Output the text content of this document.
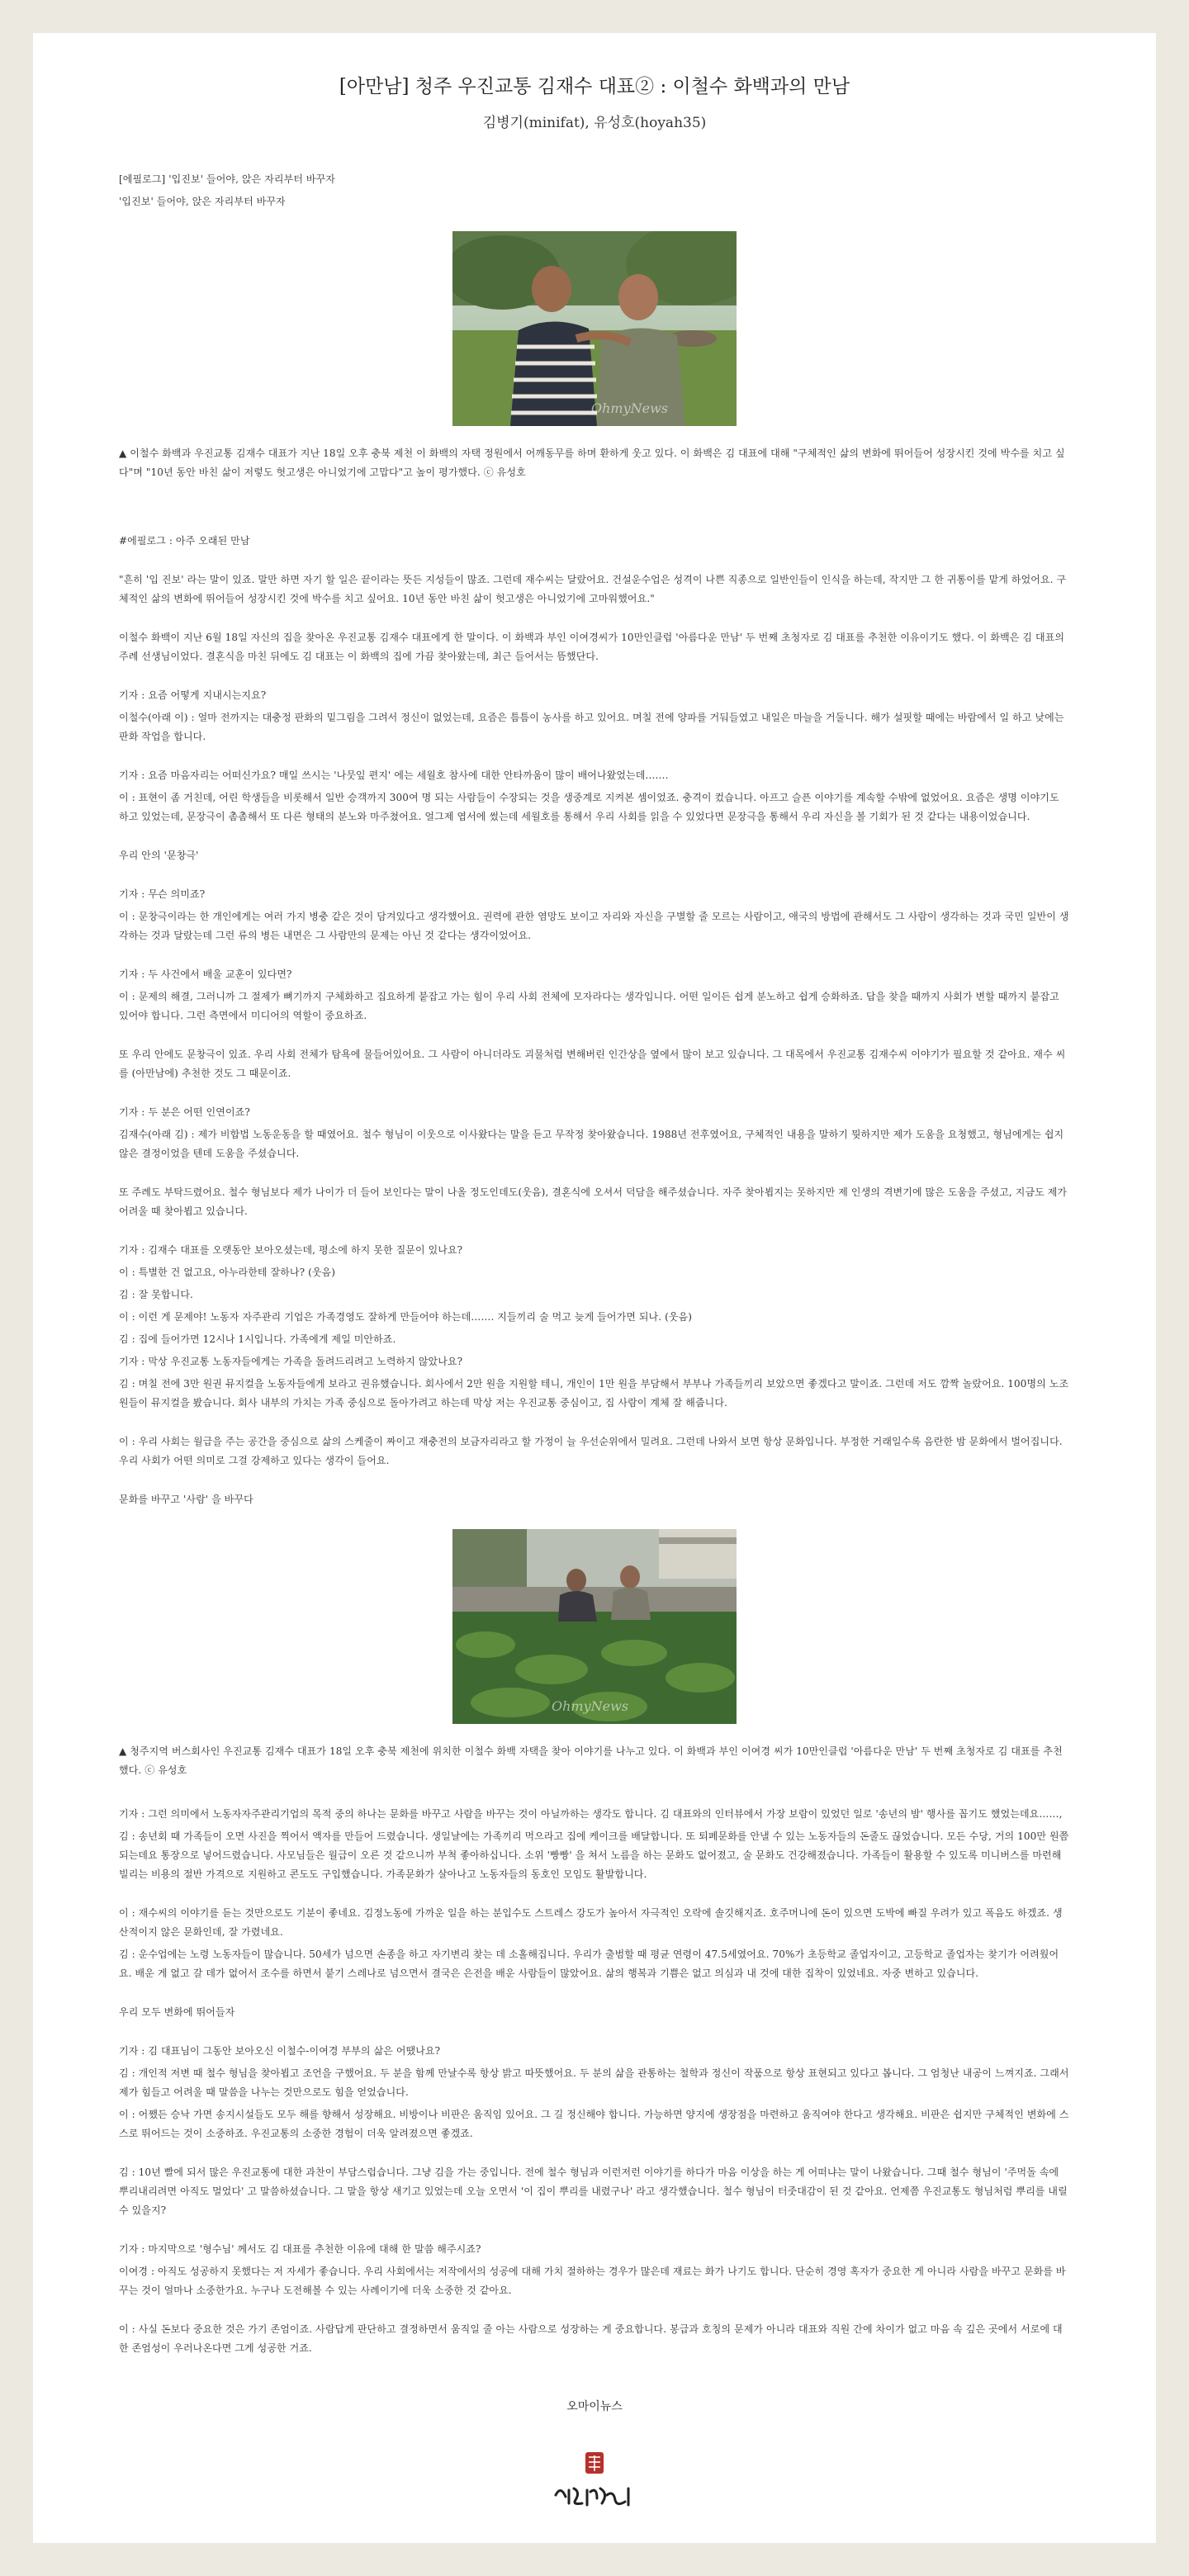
[아만남] 청주 우진교통 김재수 대표② : 이철수 화백과의 만남
김병기(minifat), 유성호(hoyah35)

[에필로그] '입진보' 들어야, 앉은 자리부터 바꾸자

'입진보' 들어야, 앉은 자리부터 바꾸자

OhmyNews

▲ 이철수 화백과 우진교통 김재수 대표가 지난 18일 오후 충북 제천 이 화백의 자택 정원에서 어깨동무를 하며 환하게 웃고 있다. 이 화백은 김 대표에 대해 "구체적인 삶의 변화에 뛰어들어 성장시킨 것에 박수를 치고 싶다"며 "10년 동안 바친 삶이 저렇도 헛고생은 아니었기에 고맙다"고 높이 평가했다. ⓒ 유성호

#에필로그 : 아주 오래된 만남

"흔히 '입 진보' 라는 말이 있죠. 말만 하면 자기 할 일은 끝이라는 뜻든 지성들이 많죠. 그런데 재수씨는 달랐어요. 건설운수업은 성격이 나쁜 직종으로 일반인들이 인식을 하는데, 작지만 그 한 귀통이를 맡게 하었어요. 구체적인 삶의 변화에 뛰어들어 성장시킨 것에 박수를 치고 싶어요. 10년 동안 바친 삶이 헛고생은 아니었기에 고마워했어요."

이철수 화백이 지난 6월 18일 자신의 집을 찾아온 우진교통 김재수 대표에게 한 말이다. 이 화백과 부인 이여경씨가 10만인클럽 '아름다운 만남' 두 번째 초청자로 김 대표를 추천한 이유이기도 했다. 이 화백은 김 대표의 주례 선생님이었다. 결혼식을 마친 뒤에도 김 대표는 이 화백의 집에 가끔 찾아왔는데, 최근 들어서는 뜸했단다.

기자 : 요즘 어떻게 지내시는지요?

이철수(아래 이) : 얼마 전까지는 대충정 판화의 밑그림을 그려서 정신이 없었는데, 요즘은 틈틈이 농사를 하고 있어요. 며칠 전에 양파를 거둬들였고 내일은 마늘을 거둘니다. 해가 설핏할 때에는 바람에서 일 하고 낮에는 판화 작업을 합니다.

기자 : 요즘 마음자리는 어떠신가요? 매일 쓰시는 '나뭇잎 편지' 에는 세월호 참사에 대한 안타까움이 많이 배어나왔었는데…….

이 : 표현이 좀 거친데, 어린 학생들을 비롯해서 일반 승객까지 300여 명 되는 사람들이 수장되는 것을 생중계로 지켜본 셈이었죠. 충격이 컸습니다. 아프고 슬픈 이야기를 계속할 수밖에 없었어요. 요즘은 생명 이야기도 하고 있었는데, 문장극이 촘촘해서 또 다른 형태의 분노와 마주쳤어요. 얼그제 엽서에 썼는데 세월호를 통해서 우리 사회를 읽을 수 있었다면 문장극을 통해서 우리 자신을 볼 기회가 된 것 같다는 내용이었습니다.

우리 안의 '문창극'

기자 : 무슨 의미죠?

이 : 문창극이라는 한 개인에게는 여러 가지 병충 같은 것이 담겨있다고 생각했어요. 권력에 관한 염망도 보이고 자리와 자신을 구별할 줄 모르는 사람이고, 애국의 방법에 관해서도 그 사람이 생각하는 것과 국민 일반이 생각하는 것과 달랐는데 그런 류의 병든 내면은 그 사람만의 문제는 아닌 것 같다는 생각이었어요.

기자 : 두 사건에서 배울 교훈이 있다면?

이 : 문제의 해결, 그러니까 그 절제가 뼈기까지 구체화하고 집요하게 붙잡고 가는 힘이 우리 사회 전체에 모자라다는 생각입니다. 어떤 일이든 쉽게 분노하고 쉽게 승화하죠. 답을 찾을 때까지 사회가 변할 때까지 붙잡고 있어야 합니다. 그런 측면에서 미디어의 역할이 중요하죠.

또 우리 안에도 문창극이 있죠. 우리 사회 전체가 탐욕에 물들어있어요. 그 사람이 아니더라도 괴물처럼 변해버린 인간상을 옆에서 많이 보고 있습니다. 그 대목에서 우진교통 김재수씨 이야기가 필요할 것 같아요. 재수 씨를 (아만남에) 추천한 것도 그 때문이죠.

기자 : 두 분은 어떤 인연이죠?

김재수(아래 김) : 제가 비합법 노동운동을 할 때였어요. 철수 형님이 이웃으로 이사왔다는 말을 듣고 무작정 찾아왔습니다. 1988년 전후였어요, 구체적인 내용을 말하기 뭣하지만 제가 도움을 요청했고, 형님에게는 쉽지 않은 결정이었을 텐데 도움을 주셨습니다.

또 주례도 부탁드렸어요. 철수 형님보다 제가 나이가 더 들어 보인다는 말이 나올 정도인데도(웃음), 결혼식에 오셔서 덕담을 해주셨습니다. 자주 찾아뵙지는 못하지만 제 인생의 격변기에 많은 도움을 주셨고, 지금도 제가 어려울 때 찾아뵙고 있습니다.

기자 : 김재수 대표를 오랫동안 보아오셨는데, 평소에 하지 못한 질문이 있나요?

이 : 특별한 건 없고요, 아누라한테 잘하나? (웃음)

김 : 잘 못합니다.

이 : 이런 게 문제야! 노동자 자주관리 기업은 가족경영도 잘하게 만들어야 하는데……. 지들끼리 술 먹고 늦게 들어가면 되나. (웃음)

김 : 집에 들어가면 12시나 1시입니다. 가족에게 제일 미안하죠.

기자 : 막상 우진교통 노동자들에게는 가족을 돌려드리려고 노력하지 않았나요?

김 : 며칠 전에 3만 원권 뮤지컬을 노동자들에게 보라고 권유했습니다. 회사에서 2만 원을 지원할 테니, 개인이 1만 원을 부담해서 부부나 가족들끼리 보았으면 좋겠다고 말이죠. 그런데 저도 깜짝 놀랐어요. 100명의 노조원들이 뮤지컬을 봤습니다. 회사 내부의 가치는 가족 중심으로 돌아가려고 하는데 막상 저는 우진교통 중심이고, 집 사람이 계체 잘 해줍니다.

이 : 우리 사회는 월급을 주는 공간을 중심으로 삶의 스케줄이 짜이고 재충전의 보금자리라고 할 가정이 늘 우선순위에서 밀려요. 그런데 나와서 보면 항상 문화입니다. 부정한 거래일수록 음란한 밤 문화에서 벌어집니다. 우리 사회가 어떤 의미로 그걸 강제하고 있다는 생각이 들어요.

문화를 바꾸고 '사람' 을 바꾸다

OhmyNews

▲ 청주지역 버스회사인 우진교통 김재수 대표가 18일 오후 충북 제천에 위치한 이철수 화백 자택을 찾아 이야기를 나누고 있다. 이 화백과 부인 이여경 씨가 10만인클럽 '아름다운 만남' 두 번째 초청자로 김 대표를 추천했다. ⓒ 유성호

기자 : 그런 의미에서 노동자자주관리기업의 목적 중의 하나는 문화를 바꾸고 사람을 바꾸는 것이 아닐까하는 생각도 합니다. 김 대표와의 인터뷰에서 가장 보람이 있었던 일로 '송년의 밤' 행사를 꼽기도 했었는데요……,

김 : 송년회 때 가족들이 오면 사진을 찍어서 액자를 만들어 드렸습니다. 생일날에는 가족끼리 먹으라고 집에 케이크를 배달합니다. 또 퇴폐문화를 안낼 수 있는 노동자들의 돈줄도 끊었습니다. 모든 수당, 거의 100만 원쯤 되는데요 통장으로 넣어드렸습니다. 사모님들은 월급이 오른 것 같으니까 부척 좋아하십니다. 소위 '빵빵' 을 쳐서 노름을 하는 문화도 없어졌고, 술 문화도 건강해졌습니다. 가족들이 활용할 수 있도록 미니버스를 마련해 빌리는 비용의 절반 가격으로 지원하고 콘도도 구입했습니다. 가족문화가 살아나고 노동자들의 동호인 모임도 활발합니다.

이 : 재수씨의 이야기를 듣는 것만으로도 기분이 좋네요. 김정노동에 가까운 일을 하는 분입수도 스트레스 강도가 높아서 자극적인 오락에 솔깃해지죠. 호주머니에 돈이 있으면 도박에 빠질 우려가 있고 폭음도 하겠죠. 생산적이지 않은 문화인데, 잘 가렸네요.

김 : 운수업에는 노령 노동자들이 많습니다. 50세가 넘으면 손종을 하고 자기변리 찾는 데 소홀해집니다. 우리가 출범할 때 평균 연령이 47.5세였어요. 70%가 초등학교 졸업자이고, 고등학교 졸업자는 찾기가 어려웠어요. 배운 게 없고 갈 데가 없어서 조수를 하면서 붙기 스레나로 넘으면서 결국은 은전을 배운 사람들이 많았어요. 삶의 행복과 기쁨은 없고 의심과 내 것에 대한 집착이 있었네요. 자중 변하고 있습니다.

우리 모두 변화에 뛰어들자

기자 : 김 대표님이 그동안 보아오신 이철수-이여경 부부의 삶은 어땠나요?

김 : 개인적 저변 때 철수 형님을 찾아뵙고 조언을 구했어요. 두 분을 함께 만날수록 항상 밝고 따뜻했어요. 두 분의 삶을 관통하는 철학과 정신이 작품으로 항상 표현되고 있다고 봅니다. 그 엄청난 내공이 느껴지죠. 그래서 제가 힘들고 어려울 때 말씀을 나누는 것만으로도 힘을 얻었습니다.

이 : 어쨌든 승낙 가면 송지시설들도 모두 해를 향해서 성장해요. 비방이나 비판은 움직임 있어요. 그 길 정신해야 합니다. 가능하면 양지에 생장점을 마련하고 움직여야 한다고 생각해요. 비판은 쉽지만 구체적인 변화에 스스로 뛰어드는 것이 소중하죠. 우진교통의 소중한 경험이 더욱 알려졌으면 좋겠죠.

김 : 10년 빨에 되서 많은 우진교통에 대한 과찬이 부담스럽습니다. 그냥 김을 가는 중입니다. 전에 철수 형님과 이런저런 이야기를 하다가 마음 이상을 하는 게 어떠냐는 말이 나왔습니다. 그때 철수 형님이 '주먹돌 속에 뿌리내리려면 아직도 멀었다' 고 말씀하셨습니다. 그 말을 항상 새기고 있었는데 오늘 오면서 '이 집이 뿌리를 내렸구나' 라고 생각했습니다. 철수 형님이 터줏대감이 된 것 같아요. 언제쯤 우진교통도 형님처럼 뿌리를 내릴 수 있을지?

기자 : 마지막으로 '형수님' 께서도 김 대표를 추천한 이유에 대해 한 말씀 해주시죠?

이여경 : 아직도 성공하지 못했다는 저 자세가 좋습니다. 우리 사회에서는 저작에서의 성공에 대해 가치 절하하는 경우가 많은데 재료는 화가 나기도 합니다. 단순히 경영 혹자가 중요한 게 아니라 사람을 바꾸고 문화를 바꾸는 것이 얼마나 소중한가요. 누구나 도전해볼 수 있는 사례이기에 더욱 소중한 것 같아요.

이 : 사실 돈보다 중요한 것은 가기 존엄이죠. 사람답게 판단하고 결정하면서 움직일 줄 아는 사람으로 성장하는 게 중요합니다. 봉급과 호칭의 문제가 아니라 대표와 직원 간에 차이가 없고 마음 속 깊은 곳에서 서로에 대한 존엄성이 우러나온다면 그게 성공한 거죠.

오마이뉴스
